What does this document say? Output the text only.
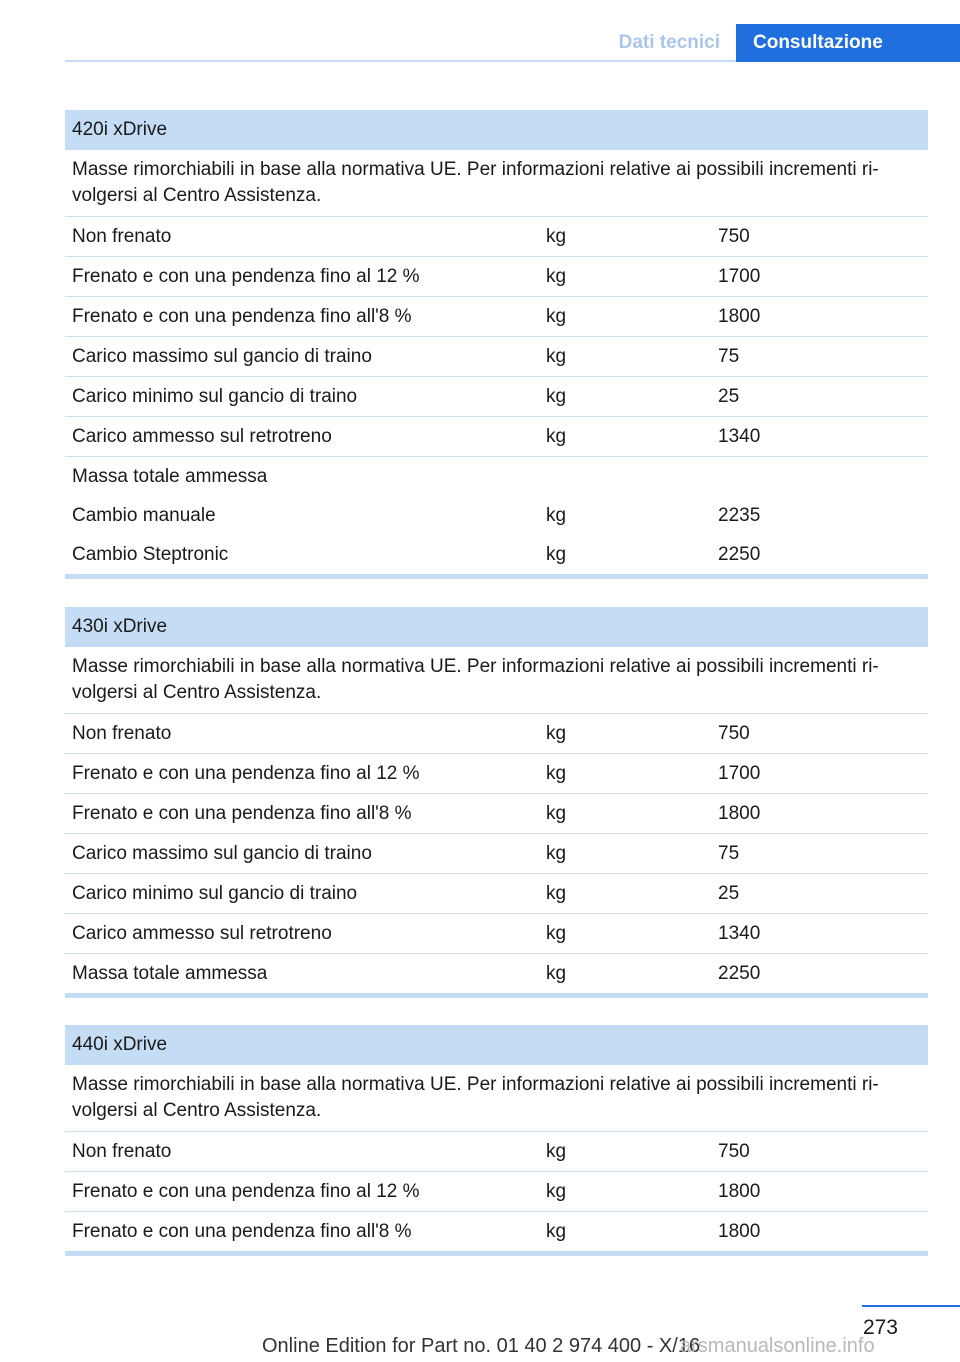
Dati tecnici	Consultazione
420i xDrive
Masse rimorchiabili in base alla normativa UE. Per informazioni relative ai possibili incrementi rivolgersi al Centro Assistenza.
Non frenato	kg	750
Frenato e con una pendenza fino al 12 %	kg	1700
Frenato e con una pendenza fino all'8 %	kg	1800
Carico massimo sul gancio di traino	kg	75
Carico minimo sul gancio di traino	kg	25
Carico ammesso sul retrotreno	kg	1340
Massa totale ammessa
Cambio manuale	kg	2235
Cambio Steptronic	kg	2250
430i xDrive
Masse rimorchiabili in base alla normativa UE. Per informazioni relative ai possibili incrementi rivolgersi al Centro Assistenza.
Non frenato	kg	750
Frenato e con una pendenza fino al 12 %	kg	1700
Frenato e con una pendenza fino all'8 %	kg	1800
Carico massimo sul gancio di traino	kg	75
Carico minimo sul gancio di traino	kg	25
Carico ammesso sul retrotreno	kg	1340
Massa totale ammessa	kg	2250
440i xDrive
Masse rimorchiabili in base alla normativa UE. Per informazioni relative ai possibili incrementi rivolgersi al Centro Assistenza.
Non frenato	kg	750
Frenato e con una pendenza fino al 12 %	kg	1800
Frenato e con una pendenza fino all'8 %	kg	1800
273
Online Edition for Part no. 01 40 2 974 400 - X/16
arsmanualsonline.info
